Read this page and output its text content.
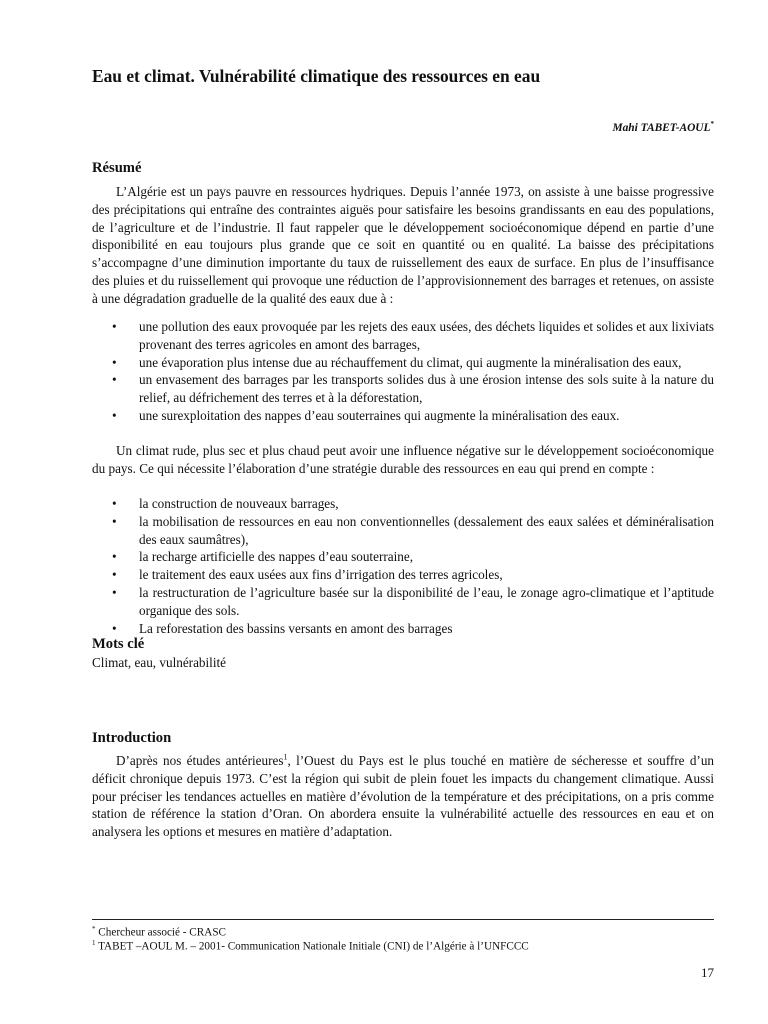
Eau et climat. Vulnérabilité climatique des ressources en eau
Mahi TABET-AOUL*
Résumé

L’Algérie est un pays pauvre en ressources hydriques. Depuis l’année 1973, on assiste à une baisse progressive des précipitations qui entraîne des contraintes aiguës pour satisfaire les besoins grandissants en eau des populations, de l’agriculture et de l’industrie. Il faut rappeler que le développement socioéconomique dépend en partie d’une disponibilité en eau toujours plus grande que ce soit en quantité ou en qualité. La baisse des précipitations s’accompagne d’une diminution importante du taux de ruissellement des eaux de surface. En plus de l’insuffisance des pluies et du ruissellement qui provoque une réduction de l’approvisionnement des barrages et retenues, on assiste à une dégradation graduelle de la qualité des eaux due à :

• une pollution des eaux provoquée par les rejets des eaux usées, des déchets liquides et solides et aux lixiviats provenant des terres agricoles en amont des barrages,
• une évaporation plus intense due au réchauffement du climat, qui augmente la minéralisation des eaux,
• un envasement des barrages par les transports solides dus à une érosion intense des sols suite à la nature du relief, au défrichement des terres et à la déforestation,
• une surexploitation des nappes d’eau souterraines qui augmente la minéralisation des eaux.

Un climat rude, plus sec et plus chaud peut avoir une influence négative sur le développement socioéconomique du pays. Ce qui nécessite l’élaboration d’une stratégie durable des ressources en eau qui prend en compte :

• la construction de nouveaux barrages,
• la mobilisation de ressources en eau non conventionnelles (dessalement des eaux salées et déminéralisation des eaux saumâtres),
• la recharge artificielle des nappes d’eau souterraine,
• le traitement des eaux usées aux fins d’irrigation des terres agricoles,
• la restructuration de l’agriculture basée sur la disponibilité de l’eau, le zonage agro-climatique et l’aptitude organique des sols.
• La reforestation des bassins versants en amont des barrages
Mots clé
Climat, eau, vulnérabilité
Introduction

D’après nos études antérieures$^1$, l’Ouest du Pays est le plus touché en matière de sécheresse et souffre d’un déficit chronique depuis 1973. C’est la région qui subit de plein fouet les impacts du changement climatique. Aussi pour préciser les tendances actuelles en matière d’évolution de la température et des précipitations, on a pris comme station de référence la station d’Oran. On abordera ensuite la vulnérabilité actuelle des ressources en eau et on analysera les options et mesures en matière d’adaptation.

* Chercheur associé - CRASC
$^1$ TABET –AOUL M. – 2001- Communication Nationale Initiale (CNI) de l’Algérie à l’UNFCCC
17
